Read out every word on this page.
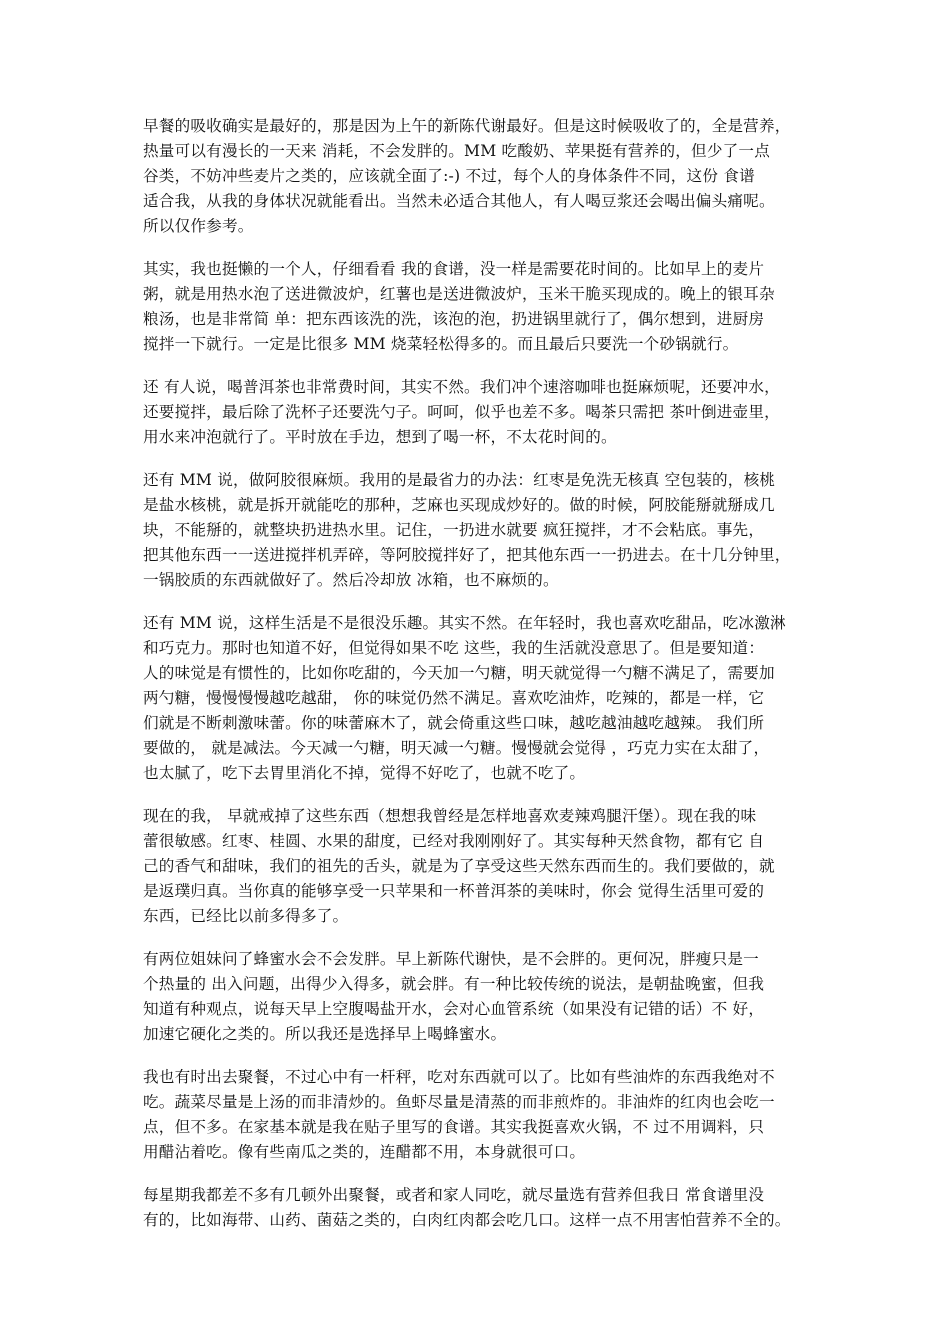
早餐的吸收确实是最好的，那是因为上午的新陈代谢最好。但是这时候吸收了的，全是营养，
热量可以有漫长的一天来 消耗，不会发胖的。MM 吃酸奶、苹果挺有营养的，但少了一点
谷类，不妨冲些麦片之类的，应该就全面了:-) 不过，每个人的身体条件不同，这份 食谱
适合我，从我的身体状况就能看出。当然未必适合其他人，有人喝豆浆还会喝出偏头痛呢。
所以仅作参考。
其实，我也挺懒的一个人，仔细看看 我的食谱，没一样是需要花时间的。比如早上的麦片
粥，就是用热水泡了送进微波炉，红薯也是送进微波炉，玉米干脆买现成的。晚上的银耳杂
粮汤，也是非常简 单：把东西该洗的洗，该泡的泡，扔进锅里就行了，偶尔想到，进厨房
搅拌一下就行。一定是比很多 MM 烧菜轻松得多的。而且最后只要洗一个砂锅就行。
还 有人说，喝普洱茶也非常费时间，其实不然。我们冲个速溶咖啡也挺麻烦呢，还要冲水，
还要搅拌，最后除了洗杯子还要洗勺子。呵呵，似乎也差不多。喝茶只需把 茶叶倒进壶里，
用水来冲泡就行了。平时放在手边，想到了喝一杯，不太花时间的。
还有 MM 说，做阿胶很麻烦。我用的是最省力的办法：红枣是免洗无核真 空包装的，核桃
是盐水核桃，就是拆开就能吃的那种，芝麻也买现成炒好的。做的时候，阿胶能掰就掰成几
块，不能掰的，就整块扔进热水里。记住，一扔进水就要 疯狂搅拌，才不会粘底。事先，
把其他东西一一送进搅拌机弄碎，等阿胶搅拌好了，把其他东西一一扔进去。在十几分钟里，
一锅胶质的东西就做好了。然后冷却放 冰箱，也不麻烦的。
还有 MM 说，这样生活是不是很没乐趣。其实不然。在年轻时，我也喜欢吃甜品，吃冰激淋
和巧克力。那时也知道不好，但觉得如果不吃 这些，我的生活就没意思了。但是要知道：
人的味觉是有惯性的，比如你吃甜的，今天加一勺糖，明天就觉得一勺糖不满足了，需要加
两勺糖，慢慢慢慢越吃越甜， 你的味觉仍然不满足。喜欢吃油炸，吃辣的，都是一样，它
们就是不断刺激味蕾。你的味蕾麻木了，就会倚重这些口味，越吃越油越吃越辣。 我们所
要做的， 就是减法。今天减一勺糖，明天减一勺糖。慢慢就会觉得 ，巧克力实在太甜了，
也太腻了，吃下去胃里消化不掉，觉得不好吃了，也就不吃了。
现在的我， 早就戒掉了这些东西（想想我曾经是怎样地喜欢麦辣鸡腿汗堡）。现在我的味
蕾很敏感。红枣、桂圆、水果的甜度，已经对我刚刚好了。其实每种天然食物，都有它 自
己的香气和甜味，我们的祖先的舌头，就是为了享受这些天然东西而生的。我们要做的，就
是返璞归真。当你真的能够享受一只苹果和一杯普洱茶的美味时，你会 觉得生活里可爱的
东西，已经比以前多得多了。
有两位姐妹问了蜂蜜水会不会发胖。早上新陈代谢快，是不会胖的。更何况，胖瘦只是一
个热量的 出入问题，出得少入得多，就会胖。有一种比较传统的说法，是朝盐晚蜜，但我
知道有种观点，说每天早上空腹喝盐开水，会对心血管系统（如果没有记错的话）不 好，
加速它硬化之类的。所以我还是选择早上喝蜂蜜水。
我也有时出去聚餐，不过心中有一杆秤，吃对东西就可以了。比如有些油炸的东西我绝对不
吃。蔬菜尽量是上汤的而非清炒的。鱼虾尽量是清蒸的而非煎炸的。非油炸的红肉也会吃一
点，但不多。在家基本就是我在贴子里写的食谱。其实我挺喜欢火锅，不 过不用调料，只
用醋沾着吃。像有些南瓜之类的，连醋都不用，本身就很可口。
每星期我都差不多有几顿外出聚餐，或者和家人同吃，就尽量选有营养但我日 常食谱里没
有的，比如海带、山药、菌菇之类的，白肉红肉都会吃几口。这样一点不用害怕营养不全的。
